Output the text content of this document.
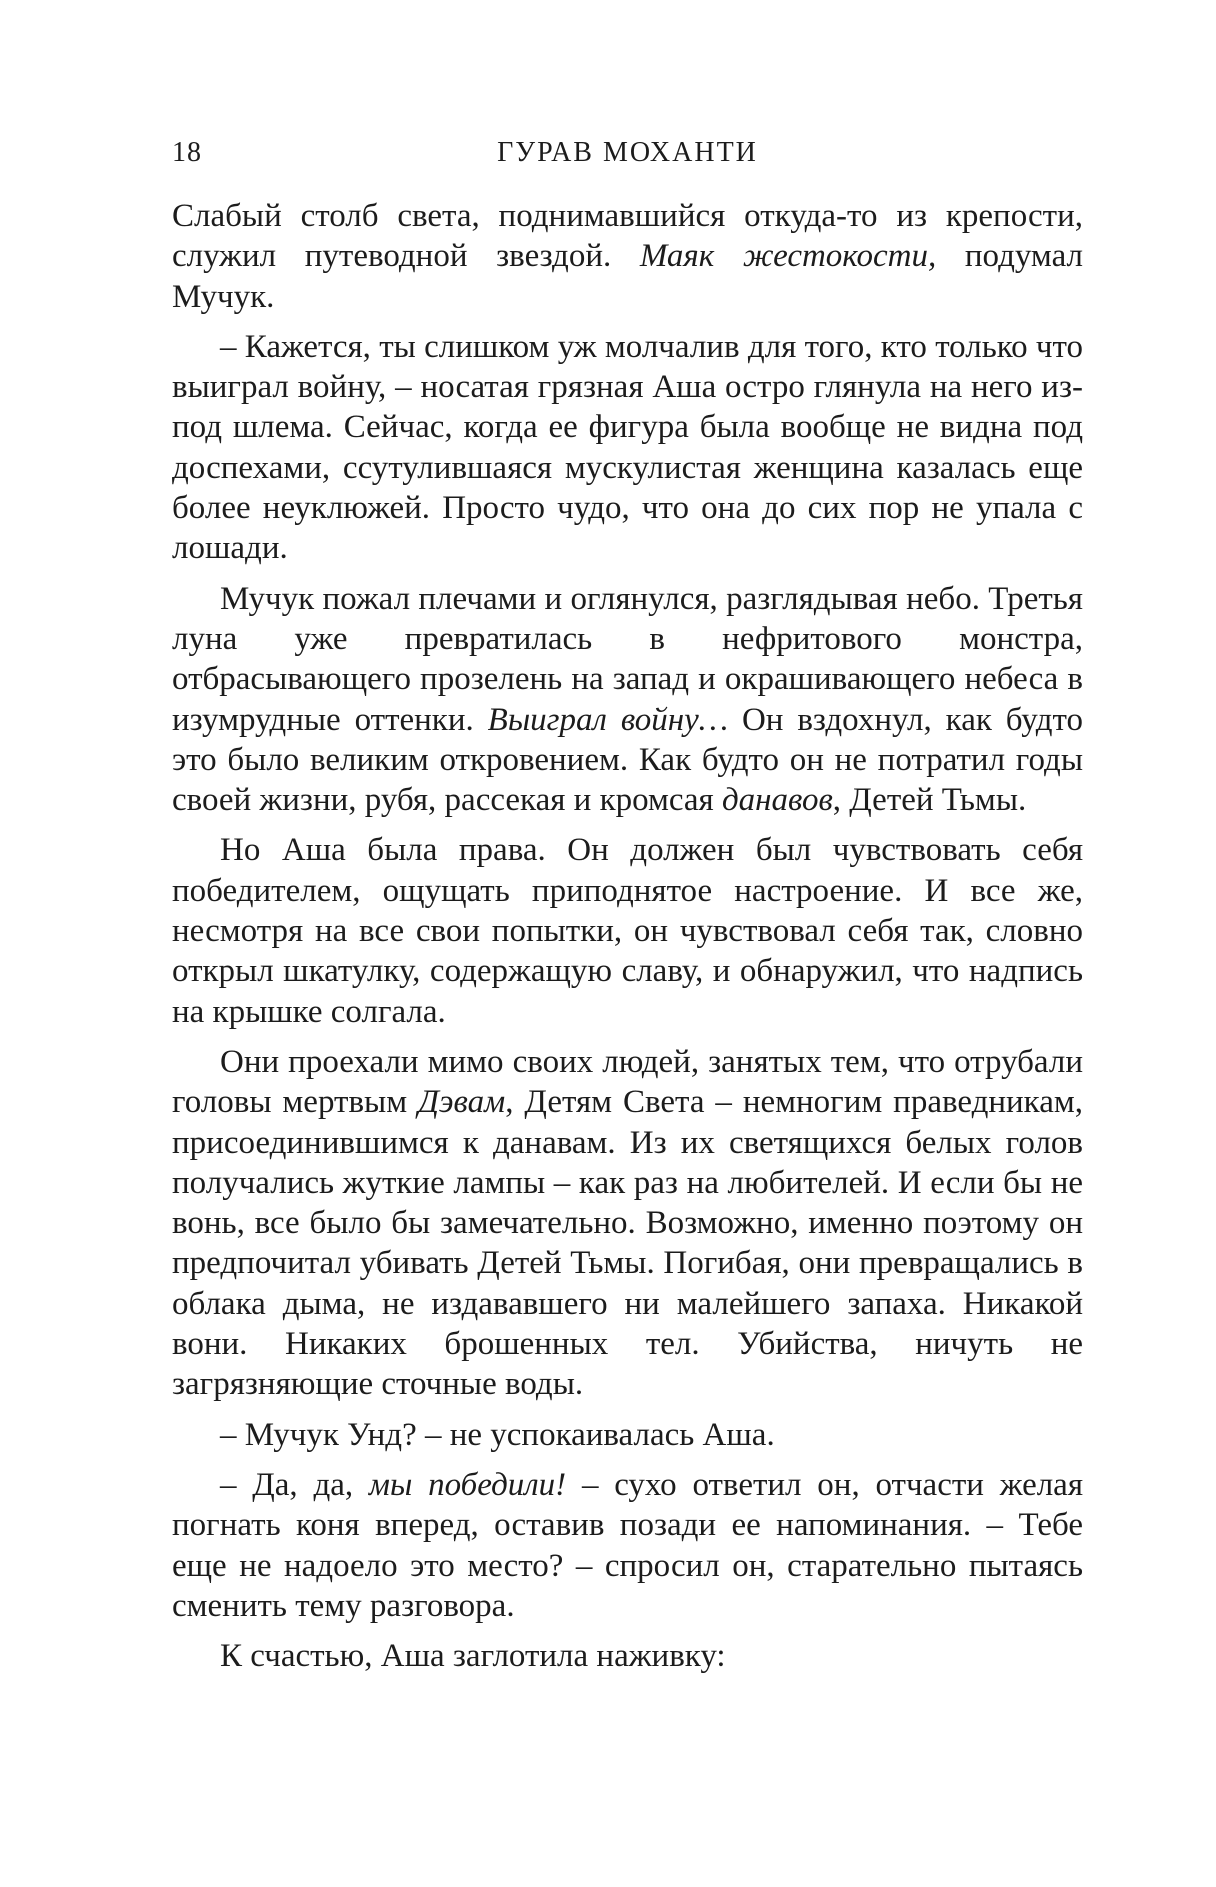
18	ГУРАВ МОХАНТИ

Слабый столб света, поднимавшийся откуда-то из крепости, служил путеводной звездой. Маяк жестокости, подумал Мучук.

– Кажется, ты слишком уж молчалив для того, кто только что выиграл войну, – носатая грязная Аша остро глянула на него из-под шлема. Сейчас, когда ее фигура была вообще не видна под доспехами, ссутулившаяся мускулистая женщина казалась еще более неуклюжей. Просто чудо, что она до сих пор не упала с лошади.

Мучук пожал плечами и оглянулся, разглядывая небо. Третья луна уже превратилась в нефритового монстра, отбрасывающего прозелень на запад и окрашивающего небеса в изумрудные оттенки. Выиграл войну… Он вздохнул, как будто это было великим откровением. Как будто он не потратил годы своей жизни, рубя, рассекая и кромсая данавов, Детей Тьмы.

Но Аша была права. Он должен был чувствовать себя победителем, ощущать приподнятое настроение. И все же, несмотря на все свои попытки, он чувствовал себя так, словно открыл шкатулку, содержащую славу, и обнаружил, что надпись на крышке солгала.

Они проехали мимо своих людей, занятых тем, что отрубали головы мертвым Дэвам, Детям Света – немногим праведникам, присоединившимся к данавам. Из их светящихся белых голов получались жуткие лампы – как раз на любителей. И если бы не вонь, все было бы замечательно. Возможно, именно поэтому он предпочитал убивать Детей Тьмы. Погибая, они превращались в облака дыма, не издававшего ни малейшего запаха. Никакой вони. Никаких брошенных тел. Убийства, ничуть не загрязняющие сточные воды.

– Мучук Унд? – не успокаивалась Аша.

– Да, да, мы победили! – сухо ответил он, отчасти желая погнать коня вперед, оставив позади ее напоминания. – Тебе еще не надоело это место? – спросил он, старательно пытаясь сменить тему разговора.

К счастью, Аша заглотила наживку:
